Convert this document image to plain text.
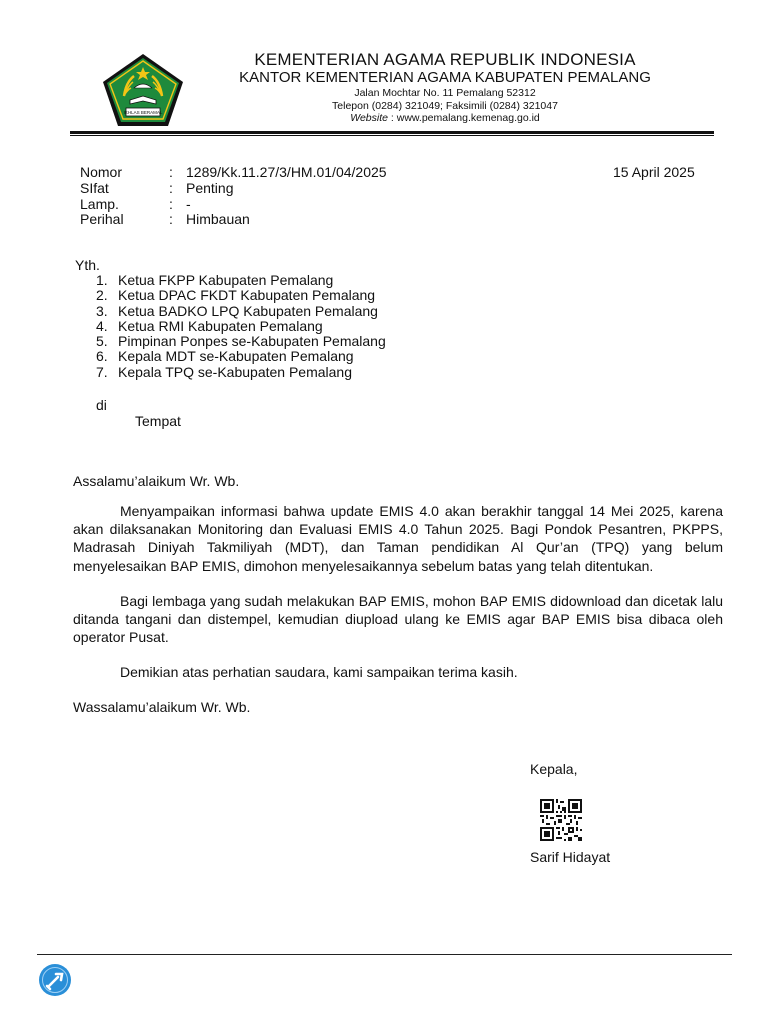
IKHLAS BERAMAL
KEMENTERIAN AGAMA REPUBLIK INDONESIA
KANTOR KEMENTERIAN AGAMA KABUPATEN PEMALANG
Jalan Mochtar No. 11 Pemalang 52312
Telepon (0284) 321049; Faksimili (0284) 321047
Website : www.pemalang.kemenag.go.id
Nomor	: 1289/Kk.11.27/3/HM.01/04/2025
SIfat	: Penting
Lamp.	: -
Perihal	: Himbauan
15 April 2025
Yth.
1. Ketua FKPP Kabupaten Pemalang
2. Ketua DPAC FKDT Kabupaten Pemalang
3. Ketua BADKO LPQ Kabupaten Pemalang
4. Ketua RMI Kabupaten Pemalang
5. Pimpinan Ponpes se-Kabupaten Pemalang
6. Kepala MDT se-Kabupaten Pemalang
7. Kepala TPQ se-Kabupaten Pemalang
di
Tempat
Assalamu’alaikum Wr. Wb.

Menyampaikan informasi bahwa update EMIS 4.0 akan berakhir tanggal 14 Mei 2025, karena akan dilaksanakan Monitoring dan Evaluasi EMIS 4.0 Tahun 2025. Bagi Pondok Pesantren, PKPPS, Madrasah Diniyah Takmiliyah (MDT), dan Taman pendidikan Al Qur’an (TPQ) yang belum menyelesaikan BAP EMIS, dimohon menyelesaikannya sebelum batas yang telah ditentukan.

Bagi lembaga yang sudah melakukan BAP EMIS, mohon BAP EMIS didownload dan dicetak lalu ditanda tangani dan distempel, kemudian diupload ulang ke EMIS agar BAP EMIS bisa dibaca oleh operator Pusat.

Demikian atas perhatian saudara, kami sampaikan terima kasih.

Wassalamu’alaikum Wr. Wb.
Kepala,
Sarif Hidayat
